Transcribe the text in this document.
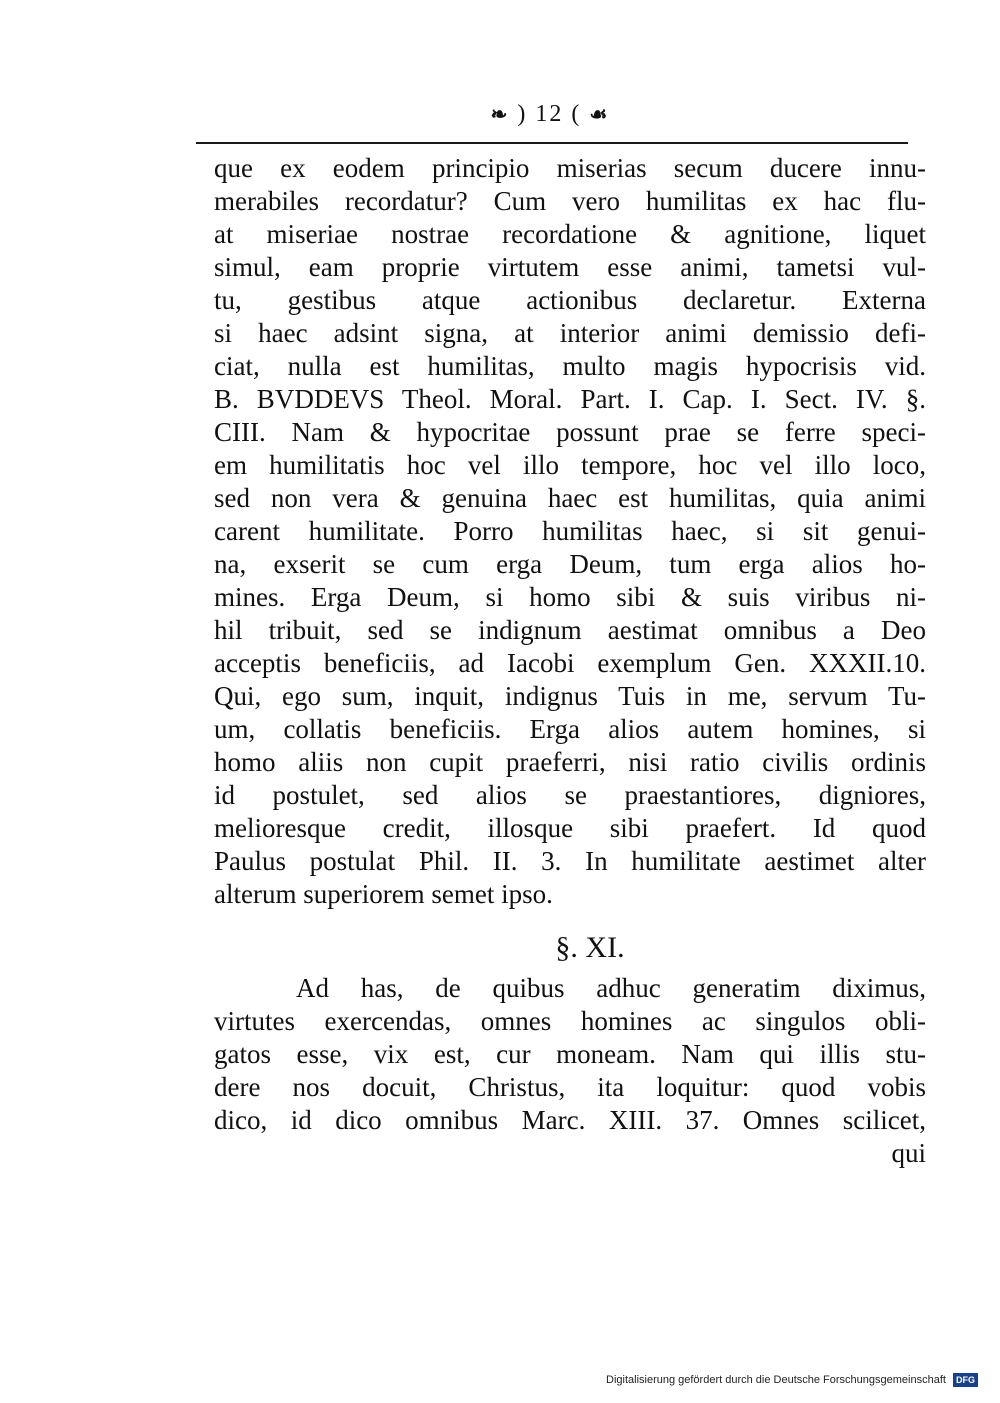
❧ ) 12 ( ☙
que ex eodem principio miserias secum ducere innu-
merabiles recordatur? Cum vero humilitas ex hac flu-
at miseriae nostrae recordatione & agnitione, liquet
simul, eam proprie virtutem esse animi, tametsi vul-
tu, gestibus atque actionibus declaretur. Externa
si haec adsint signa, at interior animi demissio defi-
ciat, nulla est humilitas, multo magis hypocrisis vid.
B. BVDDEVS Theol. Moral. Part. I. Cap. I. Sect. IV. §.
CIII. Nam & hypocritae possunt prae se ferre speci-
em humilitatis hoc vel illo tempore, hoc vel illo loco,
sed non vera & genuina haec est humilitas, quia animi
carent humilitate. Porro humilitas haec, si sit genui-
na, exserit se cum erga Deum, tum erga alios ho-
mines. Erga Deum, si homo sibi & suis viribus ni-
hil tribuit, sed se indignum aestimat omnibus a Deo
acceptis beneficiis, ad Iacobi exemplum Gen. XXXII.10.
Qui, ego sum, inquit, indignus Tuis in me, servum Tu-
um, collatis beneficiis. Erga alios autem homines, si
homo aliis non cupit praeferri, nisi ratio civilis ordinis
id postulet, sed alios se praestantiores, digniores,
melioresque credit, illosque sibi praefert. Id quod
Paulus postulat Phil. II. 3. In humilitate aestimet alter
alterum superiorem semet ipso.
§. XI.
Ad has, de quibus adhuc generatim diximus,
virtutes exercendas, omnes homines ac singulos obli-
gatos esse, vix est, cur moneam. Nam qui illis stu-
dere nos docuit, Christus, ita loquitur: quod vobis
dico, id dico omnibus Marc. XIII. 37. Omnes scilicet,
qui
Digitalisierung gefördert durch die Deutsche Forschungsgemeinschaft DFG
